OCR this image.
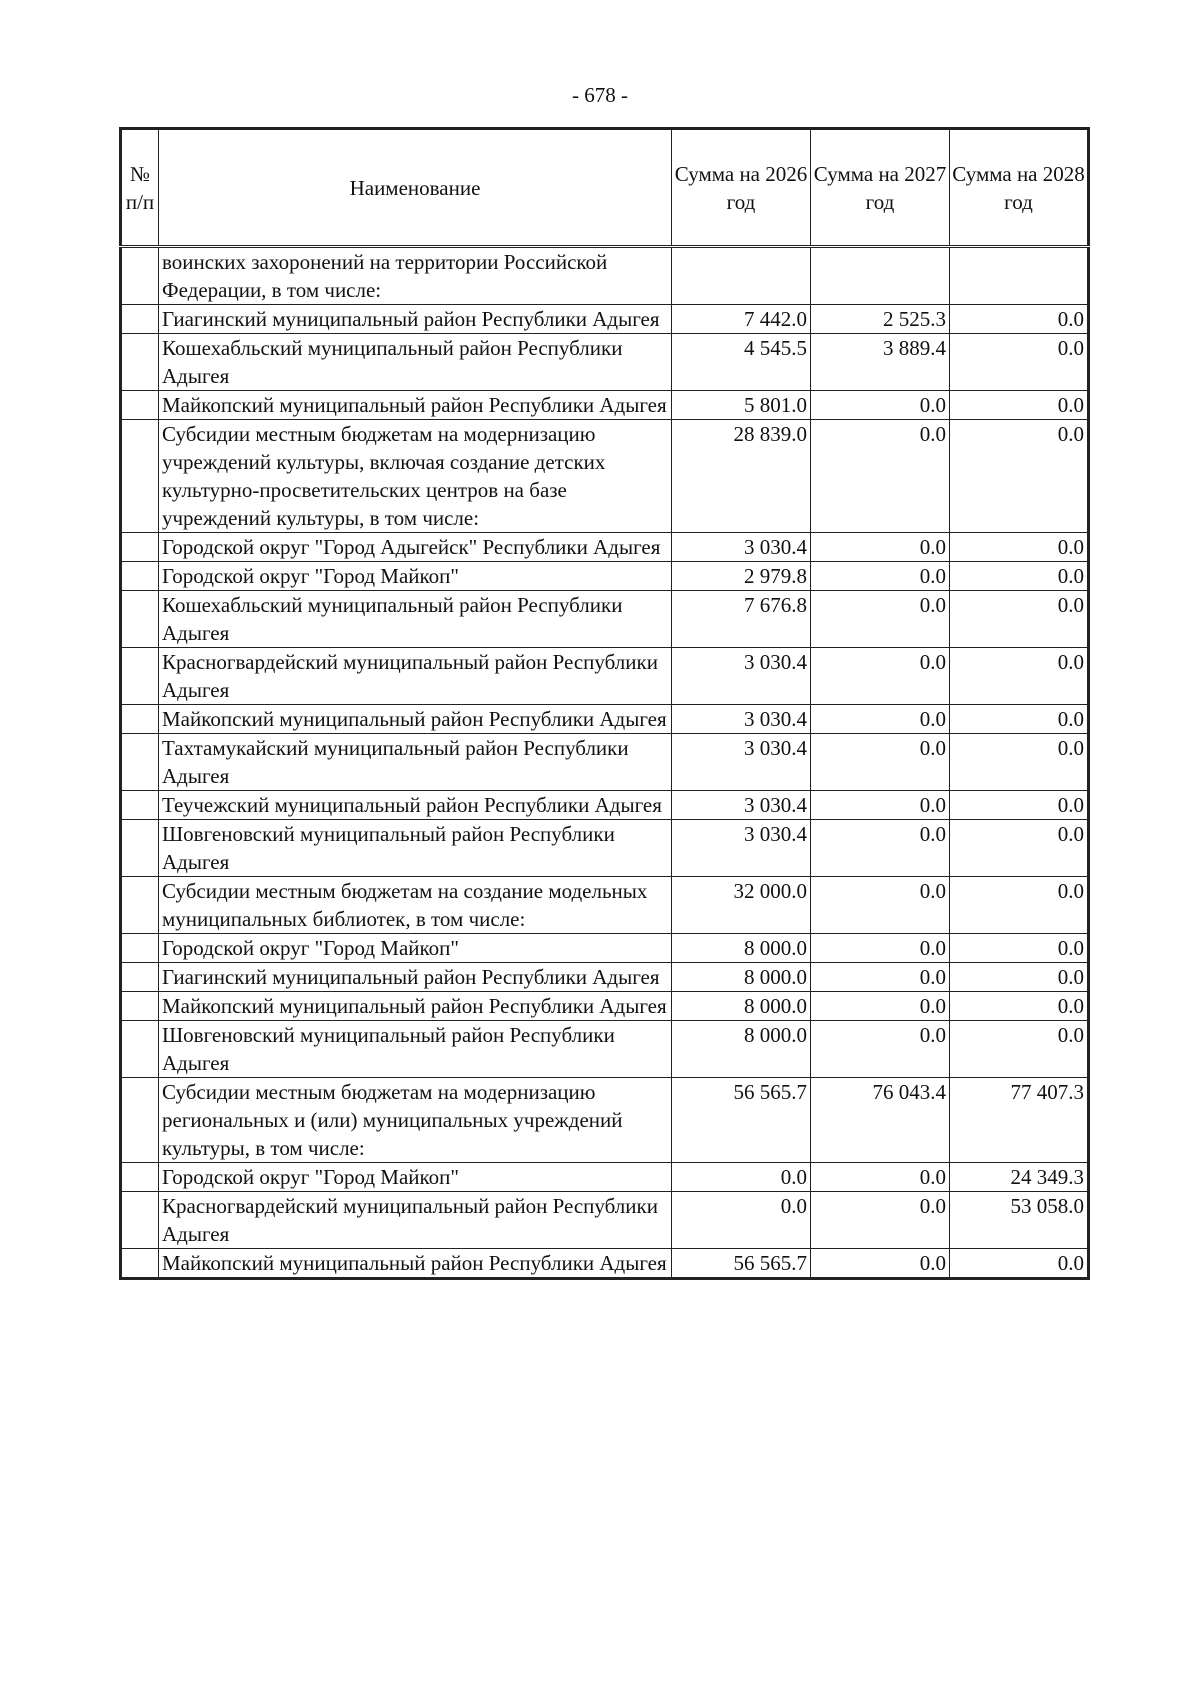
- 678 -
№ п/п	Наименование	Сумма на 2026 год	Сумма на 2027 год	Сумма на 2028 год
	воинских захоронений на территории Российской Федерации, в том числе:			
	Гиагинский муниципальный район Республики Адыгея	7 442.0	2 525.3	0.0
	Кошехабльский муниципальный район Республики Адыгея	4 545.5	3 889.4	0.0
	Майкопский муниципальный район Республики Адыгея	5 801.0	0.0	0.0
	Субсидии местным бюджетам на модернизацию учреждений культуры, включая создание детских культурно-просветительских центров на базе учреждений культуры, в том числе:	28 839.0	0.0	0.0
	Городской округ "Город Адыгейск" Республики Адыгея	3 030.4	0.0	0.0
	Городской округ "Город Майкоп"	2 979.8	0.0	0.0
	Кошехабльский муниципальный район Республики Адыгея	7 676.8	0.0	0.0
	Красногвардейский муниципальный район Республики Адыгея	3 030.4	0.0	0.0
	Майкопский муниципальный район Республики Адыгея	3 030.4	0.0	0.0
	Тахтамукайский муниципальный район Республики Адыгея	3 030.4	0.0	0.0
	Теучежский муниципальный район Республики Адыгея	3 030.4	0.0	0.0
	Шовгеновский муниципальный район Республики Адыгея	3 030.4	0.0	0.0
	Субсидии местным бюджетам на создание модельных муниципальных библиотек, в том числе:	32 000.0	0.0	0.0
	Городской округ "Город Майкоп"	8 000.0	0.0	0.0
	Гиагинский муниципальный район Республики Адыгея	8 000.0	0.0	0.0
	Майкопский муниципальный район Республики Адыгея	8 000.0	0.0	0.0
	Шовгеновский муниципальный район Республики Адыгея	8 000.0	0.0	0.0
	Субсидии местным бюджетам на модернизацию региональных и (или) муниципальных учреждений культуры, в том числе:	56 565.7	76 043.4	77 407.3
	Городской округ "Город Майкоп"	0.0	0.0	24 349.3
	Красногвардейский муниципальный район Республики Адыгея	0.0	0.0	53 058.0
	Майкопский муниципальный район Республики Адыгея	56 565.7	0.0	0.0
